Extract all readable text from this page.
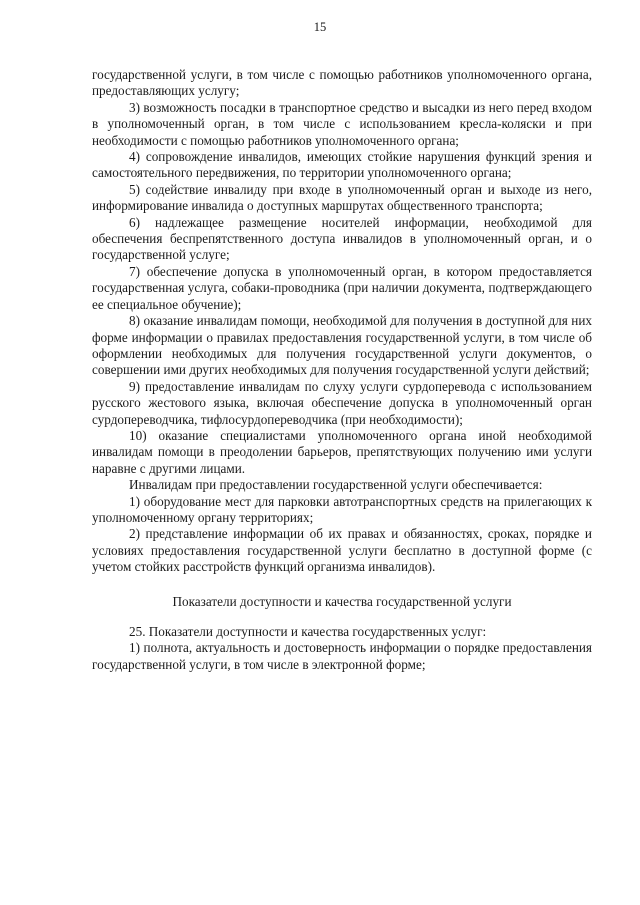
15

государственной услуги, в том числе с помощью работников уполномоченного органа, предоставляющих услугу;

3) возможность посадки в транспортное средство и высадки из него перед входом в уполномоченный орган, в том числе с использованием кресла-коляски и при необходимости с помощью работников уполномоченного органа;

4) сопровождение инвалидов, имеющих стойкие нарушения функций зрения и самостоятельного передвижения, по территории уполномоченного органа;

5) содействие инвалиду при входе в уполномоченный орган и выходе из него, информирование инвалида о доступных маршрутах общественного транспорта;

6) надлежащее размещение носителей информации, необходимой для обеспечения беспрепятственного доступа инвалидов в уполномоченный орган, и о государственной услуге;

7) обеспечение допуска в уполномоченный орган, в котором предоставляется государственная услуга, собаки-проводника (при наличии документа, подтверждающего ее специальное обучение);

8) оказание инвалидам помощи, необходимой для получения в доступной для них форме информации о правилах предоставления государственной услуги, в том числе об оформлении необходимых для получения государственной услуги документов, о совершении ими других необходимых для получения государственной услуги действий;

9) предоставление инвалидам по слуху услуги сурдоперевода с использованием русского жестового языка, включая обеспечение допуска в уполномоченный орган сурдопереводчика, тифлосурдопереводчика (при необходимости);

10) оказание специалистами уполномоченного органа иной необходимой инвалидам помощи в преодолении барьеров, препятствующих получению ими услуги наравне с другими лицами.

Инвалидам при предоставлении государственной услуги обеспечивается:

1) оборудование мест для парковки автотранспортных средств на прилегающих к уполномоченному органу территориях;

2) представление информации об их правах и обязанностях, сроках, порядке и условиях предоставления государственной услуги бесплатно в доступной форме (с учетом стойких расстройств функций организма инвалидов).

Показатели доступности и качества государственной услуги

25. Показатели доступности и качества государственных услуг:

1) полнота, актуальность и достоверность информации о порядке предоставления государственной услуги, в том числе в электронной форме;
